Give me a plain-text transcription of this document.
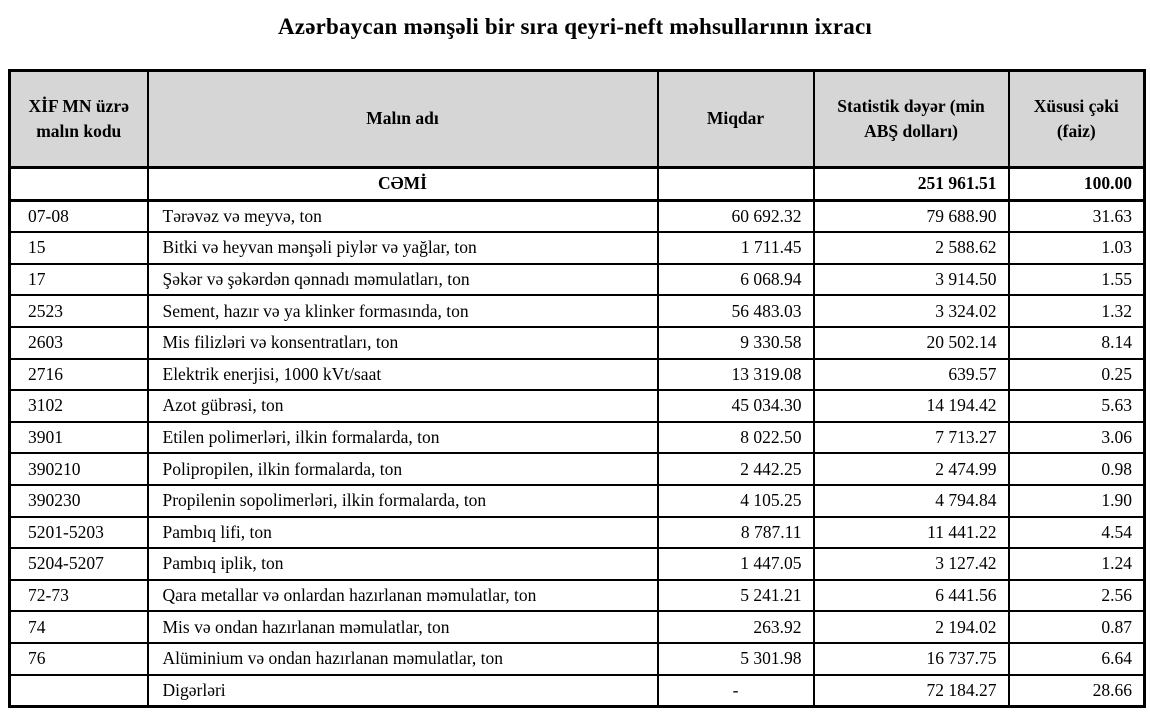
Azərbaycan mənşəli bir sıra qeyri-neft məhsullarının ixracı
XİF MN üzrə malın kodu	Malın adı	Miqdar	Statistik dəyər (min ABŞ dolları)	Xüsusi çəki (faiz)
	CƏMİ		251 961.51	100.00
07-08	Tərəvəz və meyvə, ton	60 692.32	79 688.90	31.63
15	Bitki və heyvan mənşəli piylər və yağlar, ton	1 711.45	2 588.62	1.03
17	Şəkər və şəkərdən qənnadı məmulatları, ton	6 068.94	3 914.50	1.55
2523	Sement, hazır və ya klinker formasında, ton	56 483.03	3 324.02	1.32
2603	Mis filizləri və konsentratları, ton	9 330.58	20 502.14	8.14
2716	Elektrik enerjisi, 1000 kVt/saat	13 319.08	639.57	0.25
3102	Azot gübrəsi, ton	45 034.30	14 194.42	5.63
3901	Etilen polimerləri, ilkin formalarda, ton	8 022.50	7 713.27	3.06
390210	Polipropilen, ilkin formalarda, ton	2 442.25	2 474.99	0.98
390230	Propilenin sopolimerləri, ilkin formalarda, ton	4 105.25	4 794.84	1.90
5201-5203	Pambıq lifi, ton	8 787.11	11 441.22	4.54
5204-5207	Pambıq iplik, ton	1 447.05	3 127.42	1.24
72-73	Qara metallar və onlardan hazırlanan məmulatlar, ton	5 241.21	6 441.56	2.56
74	Mis və ondan hazırlanan məmulatlar, ton	263.92	2 194.02	0.87
76	Alüminium və ondan hazırlanan məmulatlar, ton	5 301.98	16 737.75	6.64
	Digərləri	-	72 184.27	28.66
